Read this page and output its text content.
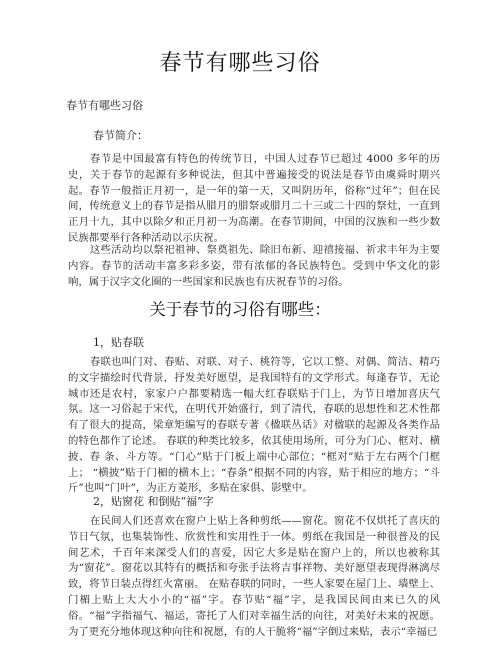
春节有哪些习俗
春节有哪些习俗
春节简介：

春节是中国最富有特色的传统节日，中国人过春节已超过 4000 多年的历史，关于春节的起源有多种说法，但其中普遍接受的说法是春节由虞舜时期兴起。春节一般指正月初一，是一年的第一天，又叫阴历年，俗称“过年”；但在民间，传统意义上的春节是指从腊月的腊祭或腊月二十三或二十四的祭灶，一直到正月十九，其中以除夕和正月初一为高潮。在春节期间，中国的汉族和一些少数民族都要举行各种活动以示庆祝。

这些活动均以祭祀祖神、祭奠祖先、除旧布新、迎禧接福、祈求丰年为主要内容。春节的活动丰富多彩多姿，带有浓郁的各民族特色。受到中华文化的影响，属于汉字文化圈的一些国家和民族也有庆祝春节的习俗。

关于春节的习俗有哪些：
1，贴春联

春联也叫门对、春贴、对联、对子、桃符等，它以工整、对偶、简洁、精巧的文字描绘时代背景，抒发美好愿望，是我国特有的文学形式。每逢春节，无论城市还是农村，家家户户都要精选一幅大红春联贴于门上，为节日增加喜庆气氛。这一习俗起于宋代，在明代开始盛行，到了清代，春联的思想性和艺术性都有了很大的提高，梁章矩编写的春联专著《楹联丛话》对楹联的起源及各类作品的特色都作了论述。 春联的种类比较多，依其使用场所，可分为门心、框对、横披、春 条、斗方等。“门心”贴于门板上端中心部位；“框对”贴于左右两个门框上； “横披”贴于门楣的横木上；“春条”根据不同的内容，贴于相应的地方；“斗 斤”也叫“门叶”，为正方菱形，多贴在家俱、影壁中。

2，贴窗花 和倒贴“福”字

在民间人们还喜欢在窗户上贴上各种剪纸——窗花。窗花不仅烘托了喜庆的节日气氛，也集装饰性、欣赏性和实用性于一体。剪纸在我国是一种很普及的民间艺术，千百年来深受人们的喜爱，因它大多是贴在窗户上的，所以也被称其为“窗花”。窗花以其特有的概括和夸张手法将吉事祥物、美好愿望表现得淋漓尽致，将节日装点得红火富丽。 在贴春联的同时，一些人家要在屋门上、墙壁上、门楣上贴上大大小小的“福”字。春节贴“福”字，是我国民间由来已久的风俗。“福”字指福气、福运，寄托了人们对幸福生活的向往，对美好未来的祝愿。为了更充分地体现这种向往和祝愿，有的人干脆将“福”字倒过来贴，表示“幸福已
